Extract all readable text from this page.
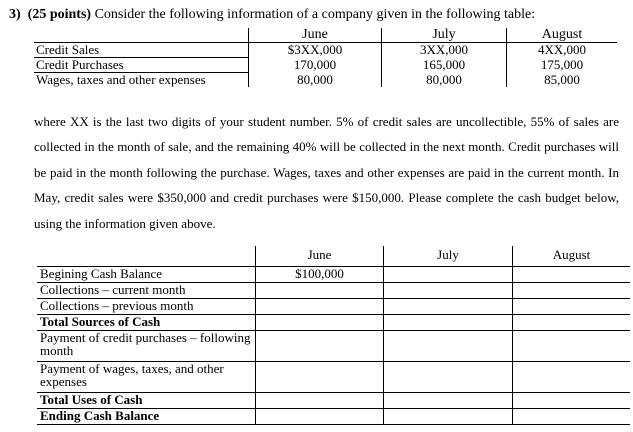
3) (25 points) Consider the following information of a company given in the following table:
	June	July	August
Credit Sales	$3XX,000	3XX,000	4XX,000
Credit Purchases	170,000	165,000	175,000
Wages, taxes and other expenses	80,000	80,000	85,000
where XX is the last two digits of your student number. 5% of credit sales are uncollectible, 55% of sales are collected in the month of sale, and the remaining 40% will be collected in the next month. Credit purchases will be paid in the month following the purchase. Wages, taxes and other expenses are paid in the current month. In May, credit sales were $350,000 and credit purchases were $150,000. Please complete the cash budget below, using the information given above.
	June	July	August
Begining Cash Balance	$100,000		
Collections – current month			
Collections – previous month			
Total Sources of Cash			
Payment of credit purchases – following month			
Payment of wages, taxes, and other expenses			
Total Uses of Cash			
Ending Cash Balance			
